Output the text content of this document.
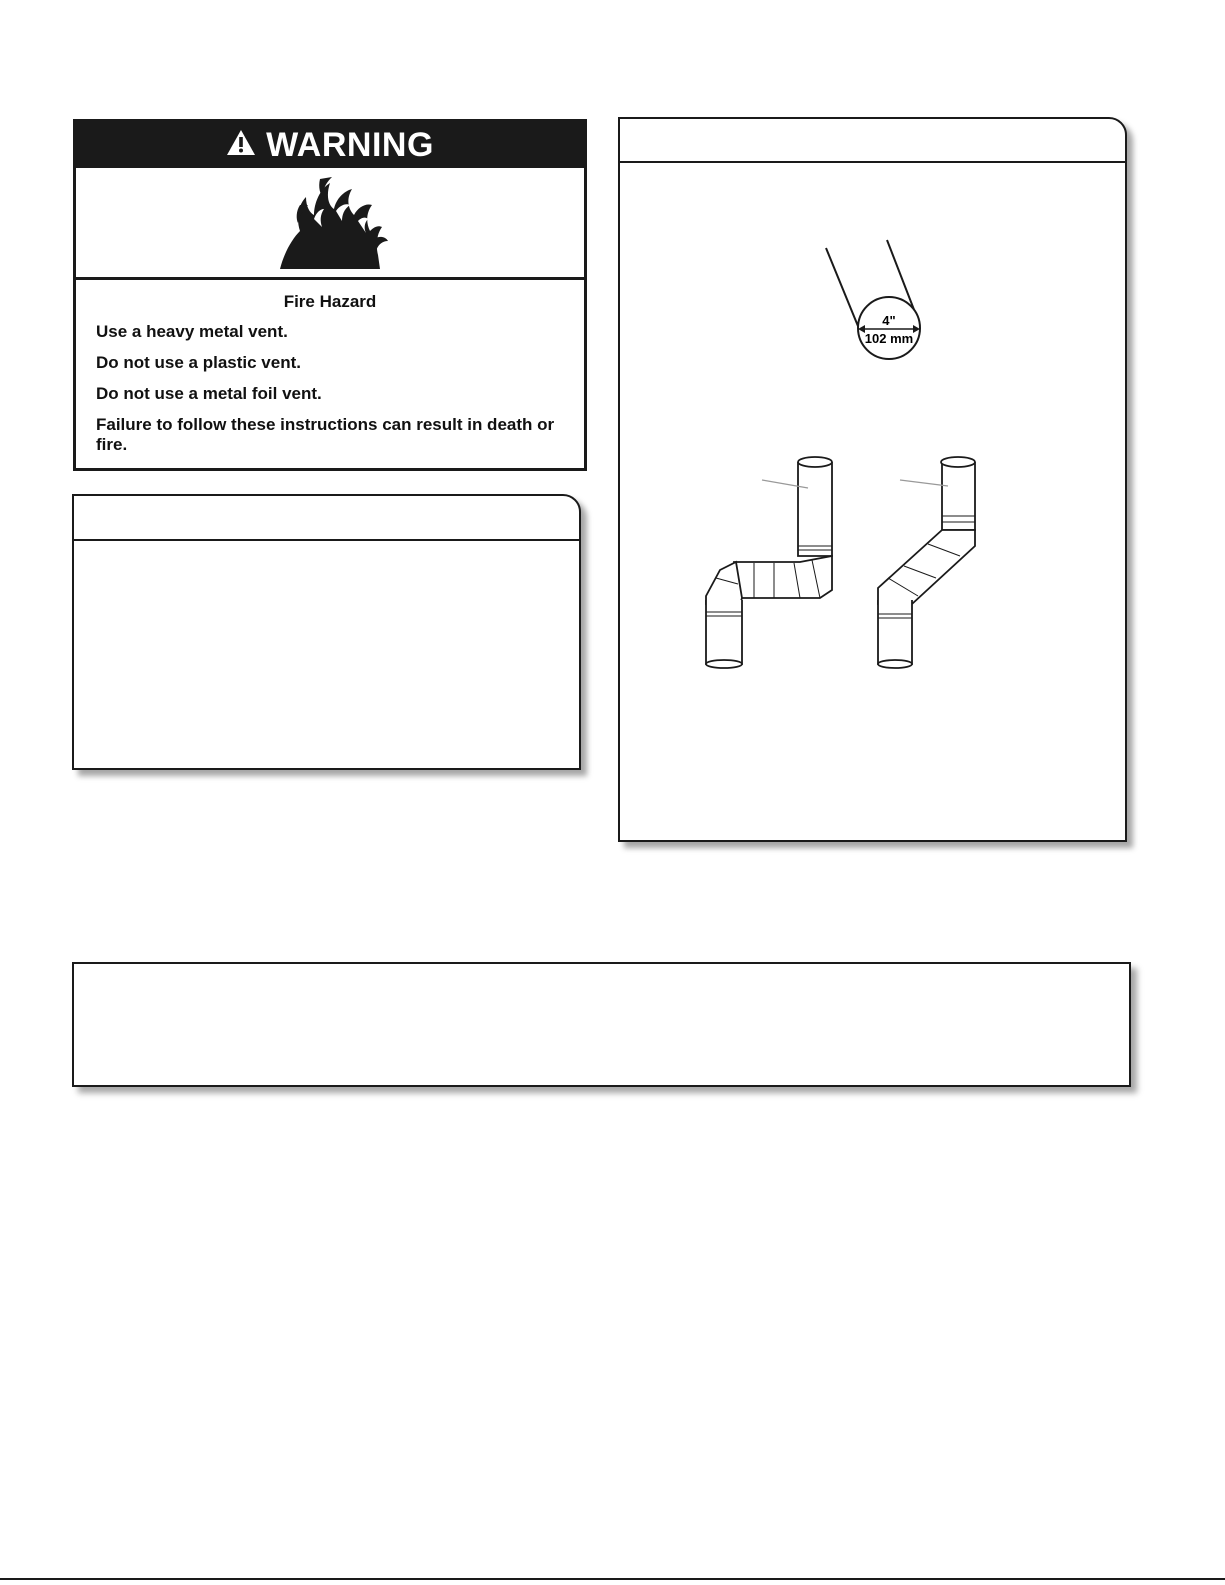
WARNING
Fire Hazard

Use a heavy metal vent.

Do not use a plastic vent.

Do not use a metal foil vent.

Failure to follow these instructions can result in death or fire.

4"
102 mm
